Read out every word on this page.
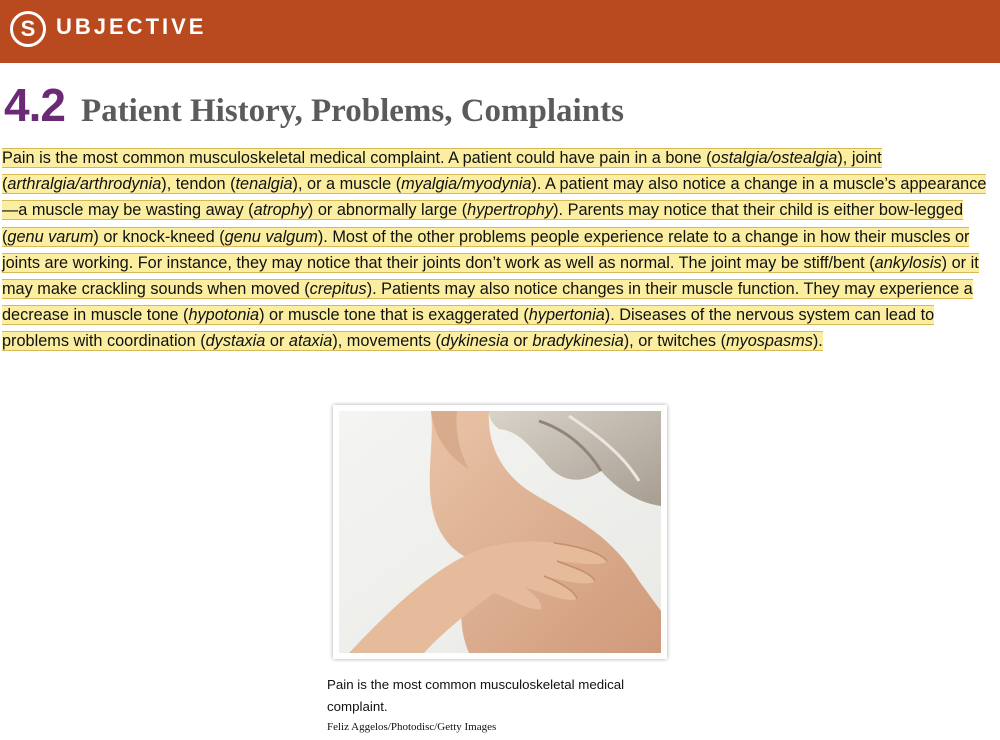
S UBJECTIVE
4.2 Patient History, Problems, Complaints
Pain is the most common musculoskeletal medical complaint. A patient could have pain in a bone (ostalgia/ostealgia), joint (arthralgia/arthrodynia), tendon (tenalgia), or a muscle (myalgia/myodynia). A patient may also notice a change in a muscle’s appearance—a muscle may be wasting away (atrophy) or abnormally large (hypertrophy). Parents may notice that their child is either bow-legged (genu varum) or knock-kneed (genu valgum). Most of the other problems people experience relate to a change in how their muscles or joints are working. For instance, they may notice that their joints don’t work as well as normal. The joint may be stiff/bent (ankylosis) or it may make crackling sounds when moved (crepitus). Patients may also notice changes in their muscle function. They may experience a decrease in muscle tone (hypotonia) or muscle tone that is exaggerated (hypertonia). Diseases of the nervous system can lead to problems with coordination (dystaxia or ataxia), movements (dykinesia or bradykinesia), or twitches (myospasms).
Pain is the most common musculoskeletal medical complaint.
Feliz Aggelos/Photodisc/Getty Images
